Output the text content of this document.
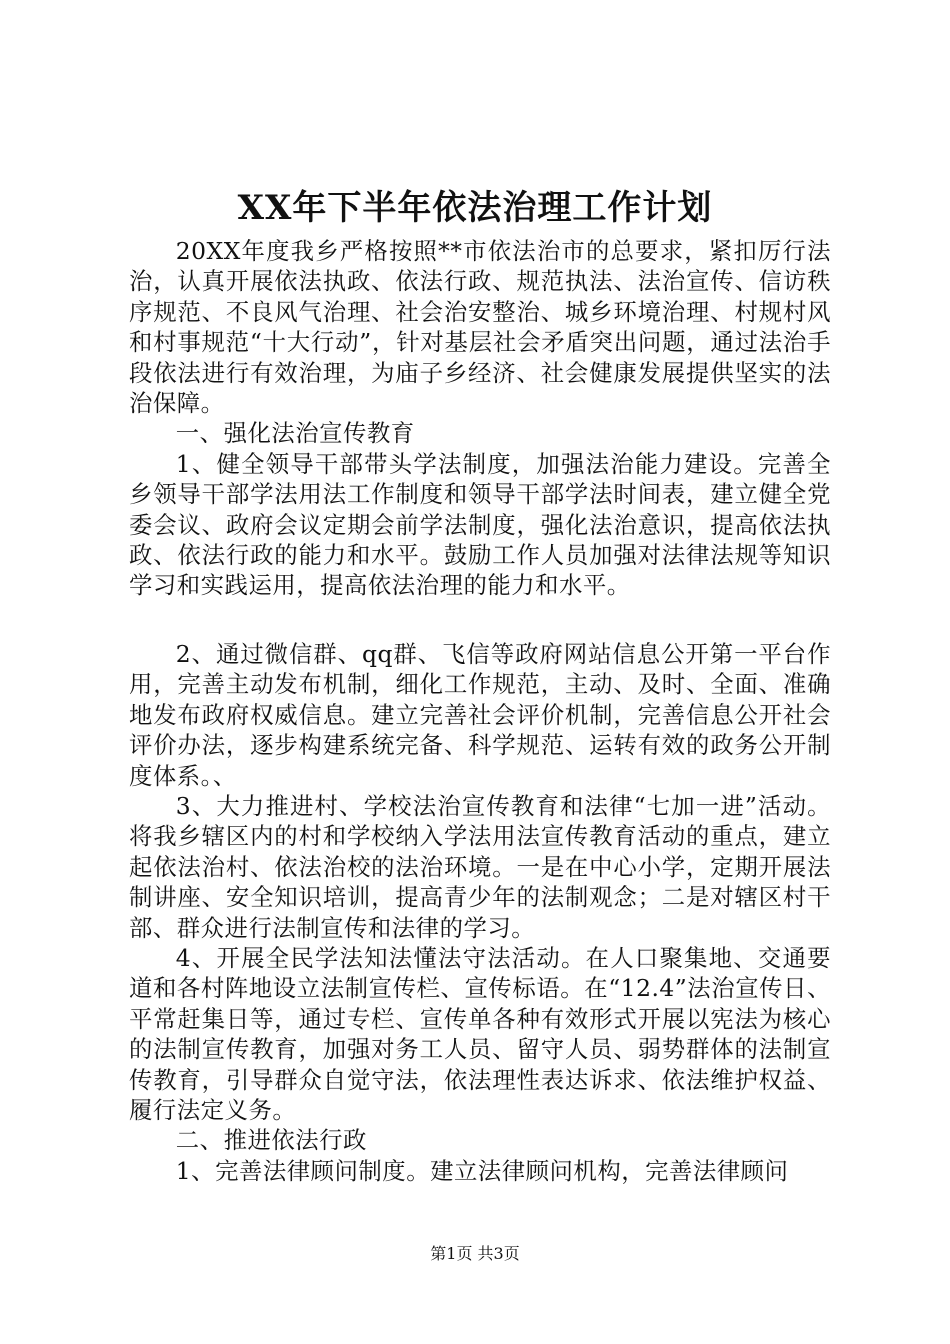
XX年下半年依法治理工作计划

20XX年度我乡严格按照**市依法治市的总要求，紧扣厉行法治，认真开展依法执政、依法行政、规范执法、法治宣传、信访秩序规范、不良风气治理、社会治安整治、城乡环境治理、村规村风和村事规范“十大行动”，针对基层社会矛盾突出问题，通过法治手段依法进行有效治理，为庙子乡经济、社会健康发展提供坚实的法治保障。

一、强化法治宣传教育

1、健全领导干部带头学法制度，加强法治能力建设。完善全乡领导干部学法用法工作制度和领导干部学法时间表，建立健全党委会议、政府会议定期会前学法制度，强化法治意识，提高依法执政、依法行政的能力和水平。鼓励工作人员加强对法律法规等知识学习和实践运用，提高依法治理的能力和水平。

2、通过微信群、qq群、飞信等政府网站信息公开第一平台作用，完善主动发布机制，细化工作规范，主动、及时、全面、准确地发布政府权威信息。建立完善社会评价机制，完善信息公开社会评价办法，逐步构建系统完备、科学规范、运转有效的政务公开制度体系。、

3、大力推进村、学校法治宣传教育和法律“七加一进”活动。将我乡辖区内的村和学校纳入学法用法宣传教育活动的重点，建立起依法治村、依法治校的法治环境。一是在中心小学，定期开展法制讲座、安全知识培训，提高青少年的法制观念；二是对辖区村干部、群众进行法制宣传和法律的学习。

4、开展全民学法知法懂法守法活动。在人口聚集地、交通要道和各村阵地设立法制宣传栏、宣传标语。在“12.4”法治宣传日、平常赶集日等，通过专栏、宣传单各种有效形式开展以宪法为核心的法制宣传教育，加强对务工人员、留守人员、弱势群体的法制宣传教育，引导群众自觉守法，依法理性表达诉求、依法维护权益、履行法定义务。

二、推进依法行政

1、完善法律顾问制度。建立法律顾问机构，完善法律顾问

第1页 共3页
